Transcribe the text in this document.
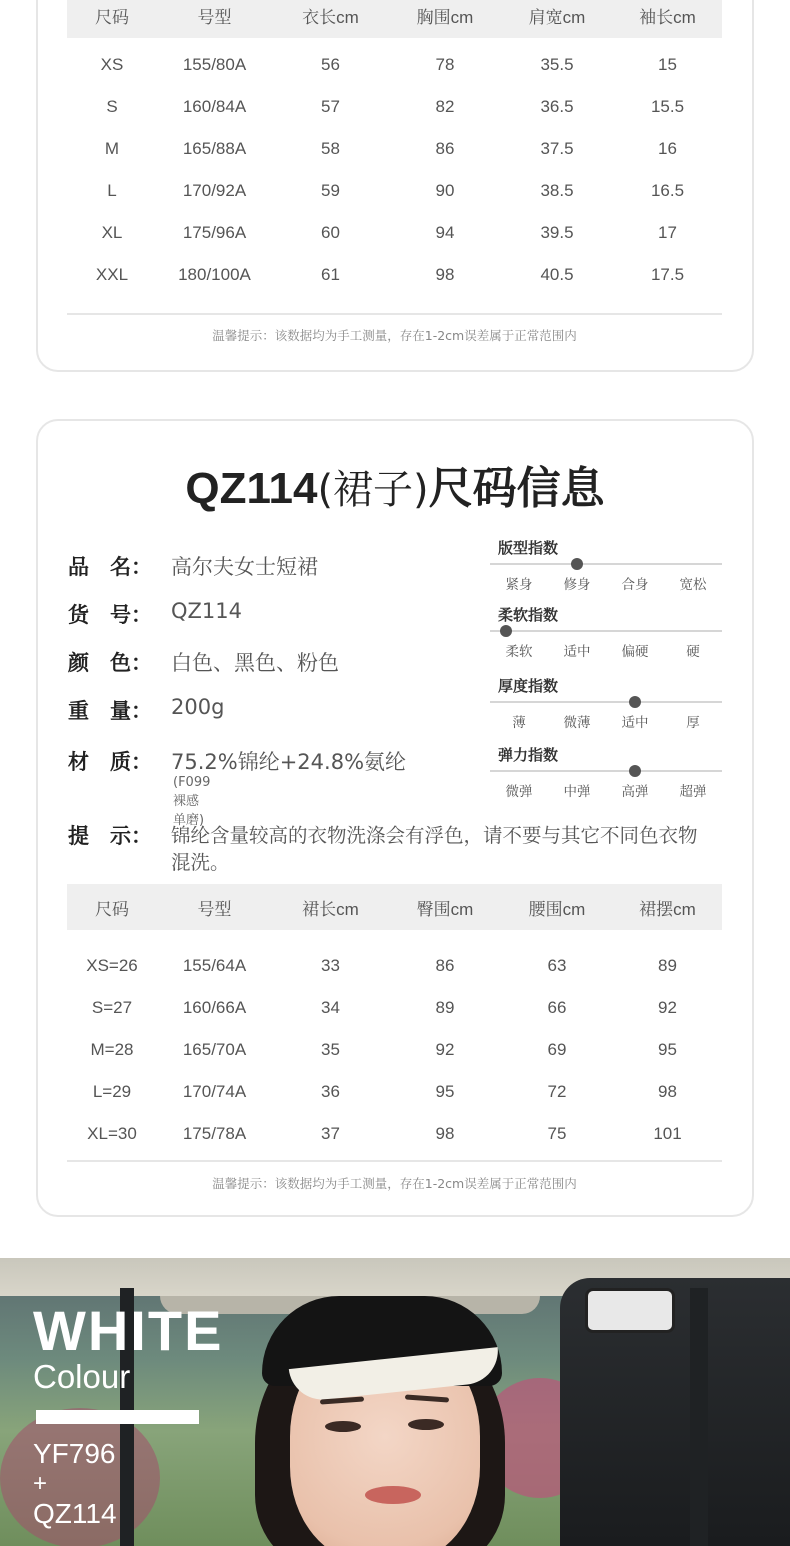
尺码	号型	衣长cm	胸围cm	肩宽cm	袖长cm
XS	155/80A	56	78	35.5	15
S	160/84A	57	82	36.5	15.5
M	165/88A	58	86	37.5	16
L	170/92A	59	90	38.5	16.5
XL	175/96A	60	94	39.5	17
XXL	180/100A	61	98	40.5	17.5
温馨提示：该数据均为手工测量，存在1-2cm误差属于正常范围内
QZ114(裙子)尺码信息
品　名： 高尔夫女士短裙
货　号： QZ114
颜　色： 白色、黑色、粉色
重　量： 200g
材　质： 75.2%锦纶+24.8%氨纶
(F099裸感单磨)
提　示： 锦纶含量较高的衣物洗涤会有浮色，请不要与其它不同色衣物
混洗。
版型指数
紧身	修身	合身	宽松
柔软指数
柔软	适中	偏硬	硬
厚度指数
薄	微薄	适中	厚
弹力指数
微弹	中弹	高弹	超弹
尺码	号型	裙长cm	臀围cm	腰围cm	裙摆cm
XS=26	155/64A	33	86	63	89
S=27	160/66A	34	89	66	92
M=28	165/70A	35	92	69	95
L=29	170/74A	36	95	72	98
XL=30	175/78A	37	98	75	101
温馨提示：该数据均为手工测量，存在1-2cm误差属于正常范围内
WHITE
Colour
YF796
+
QZ114
